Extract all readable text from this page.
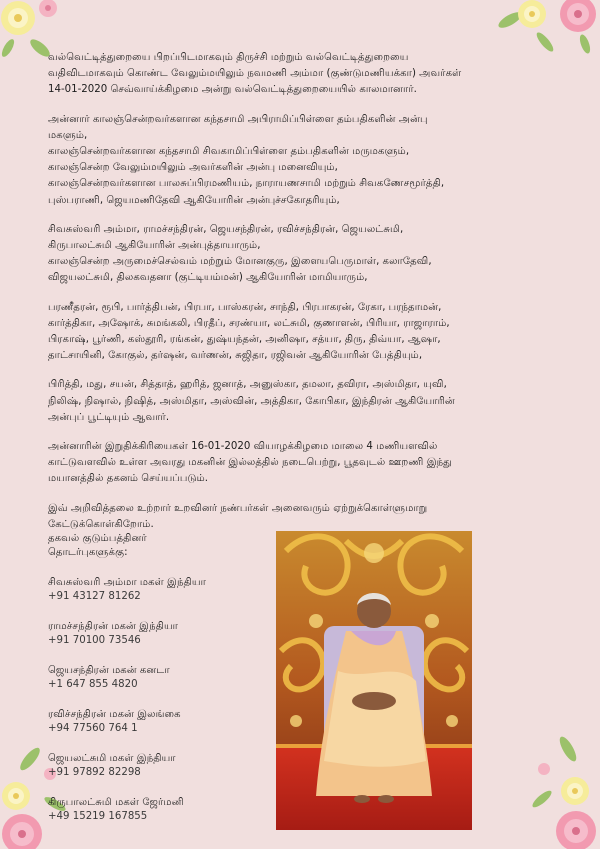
வல்வெட்டித்துறையை பிறப்பிடமாகவும் திருச்சி மற்றும் வல்வெட்டித்துறையை
வதிவிடமாகவும் கொண்ட வேலும்மயிலும் நவமணி அம்மா (குண்டுமணியக்கா) அவர்கள்
14-01-2020 செவ்வாய்க்கிழமை அன்று வல்வெட்டித்துறையையில் காலமானார்.

அன்னார் காலஞ்சென்றவர்களான கந்தசாமி அபிராமிப்பிள்ளை தம்பதிகளின் அன்பு
மகளும்,
காலஞ்சென்றவர்களான கந்தசாமி சிவகாமிப்பிள்ளை தம்பதிகளின் மருமகளும்,
காலஞ்சென்ற வேலும்மயிலும் அவர்களின் அன்பு மனைவியும்,
காலஞ்சென்றவர்களான பாலசுப்பிரமணியம், நாராயணசாமி மற்றும் சிவகணேசமூர்த்தி,
புஸ்பராணி, ஜெயமணிதேவி ஆகியோரின் அன்புச்சகோதரியும்,

சிவசுஸ்வரி அம்மா, ராமச்சந்திரன், ஜெயசந்திரன், ரவிச்சந்திரன், ஜெயலட்சுமி,
கிருபாலட்சுமி ஆகியோரின் அன்புத்தாயாரும்,
காலஞ்சென்ற அருமைச்செல்வம் மற்றும் மோனகுரு, இளையபெருமாள், கலாதேவி,
விஜயலட்சுமி, திலகவதனா (குட்டியம்மன்) ஆகியோரின் மாமியாரும்,

பரணீதரன், ரூபி, பார்த்திபன், பிரபா, பாஸ்கரன், சாந்தி, பிரபாகரன், ரேகா, பரந்தாமன்,
கார்த்திகா, அஷோக், சுமங்கலி, பிரதீப், சரண்யா, லட்சுமி, குணாளன், பிரியா, ராஜாராம்,
பிரகாஷ், பூர்ணி, கஸ்தூரி, ரங்கன், துஷ்யந்தன், அனிஷா, சத்யா, திரு, திவ்யா, ஆஷா,
தாட்சாயினி, கோகுல், தர்ஷன், வர்ணன், சுஜிதா, ரஜிவன் ஆகியோரின் பேத்தியும்,

பிரித்தி, மது, சயன், சித்தாத், ஹரித், ஜனாத், அனுஸ்கா, தமலா, தவிரா, அஸ்மிதா, யுவி,
நிலிஷ், நிஷால், நிஷித், அஸ்மிதா, அஸ்வின், அத்திகா, கோபிகா, இந்திரன் ஆகியோரின்
அன்புப் பூட்டியும் ஆவார்.

அன்னாரின் இறுதிக்கிரியைகள் 16-01-2020 வியாழக்கிழமை மாலை 4 மணியளவில்
காட்டுவளவில் உள்ள அவரது மகனின் இல்லத்தில் நடைபெற்று, பூதவுடல் ஊறணி இந்து
மயானத்தில் தகனம் செய்யப்படும்.

இவ் அறிவித்தலை உற்றார் உறவினர் நண்பர்கள் அனைவரும் ஏற்றுக்கொள்ளுமாறு
கேட்டுக்கொள்கிறோம்.

தகவல் குடும்பத்தினர்
தொடர்புகளுக்கு:
சிவசுஸ்வரி அம்மா மகள் இந்தியா
+91 43127 81262
ராமச்சந்திரன் மகன் இந்தியா
+91 70100 73546
ஜெயசந்திரன் மகன் கனடா
+1 647 855 4820
ரவிச்சந்திரன் மகன் இலங்கை
+94 77560 764 1
ஜெயலட்சுமி மகள் இந்தியா
+91 97892 82298
கிருபாலட்சுமி மகள் ஜேர்மனி
+49 15219 167855
